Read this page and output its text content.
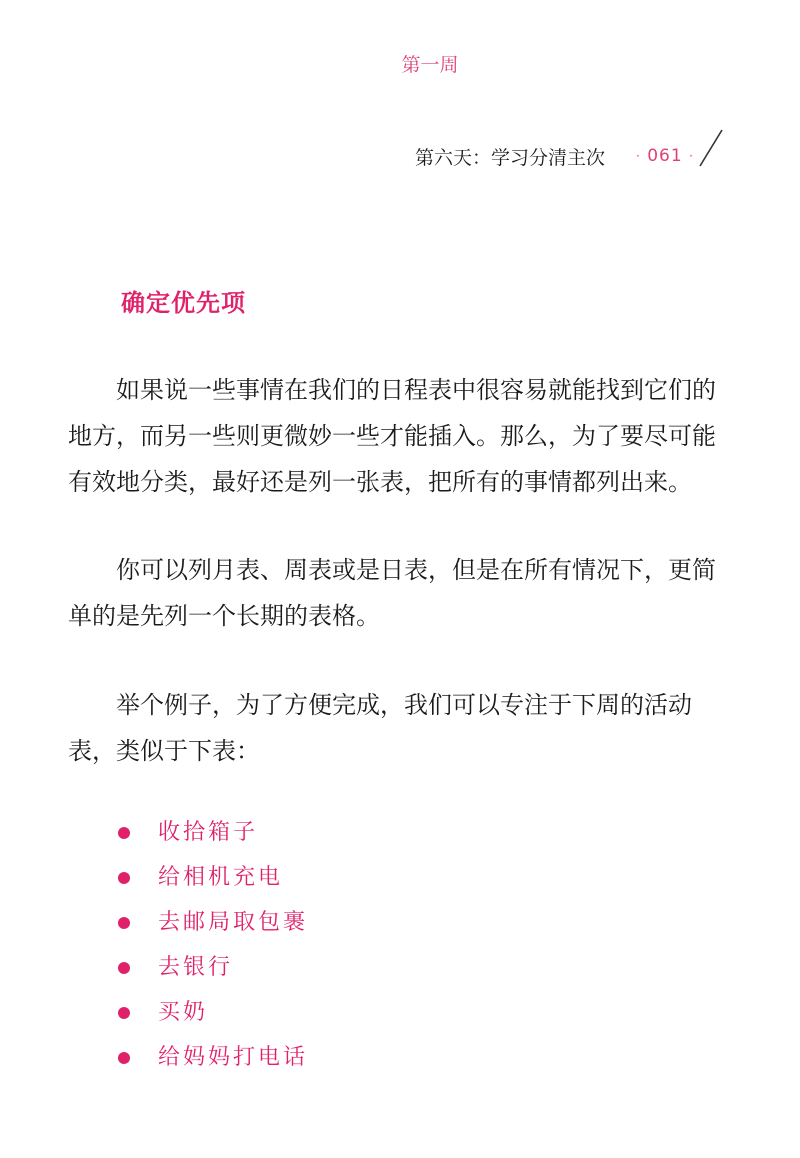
第一周
第六天：学习分清主次	· 061 ·
确定优先项

如果说一些事情在我们的日程表中很容易就能找到它们的地方，而另一些则更微妙一些才能插入。那么，为了要尽可能有效地分类，最好还是列一张表，把所有的事情都列出来。

你可以列月表、周表或是日表，但是在所有情况下，更简单的是先列一个长期的表格。

举个例子，为了方便完成，我们可以专注于下周的活动表，类似于下表：

收拾箱子
给相机充电
去邮局取包裹
去银行
买奶
给妈妈打电话
